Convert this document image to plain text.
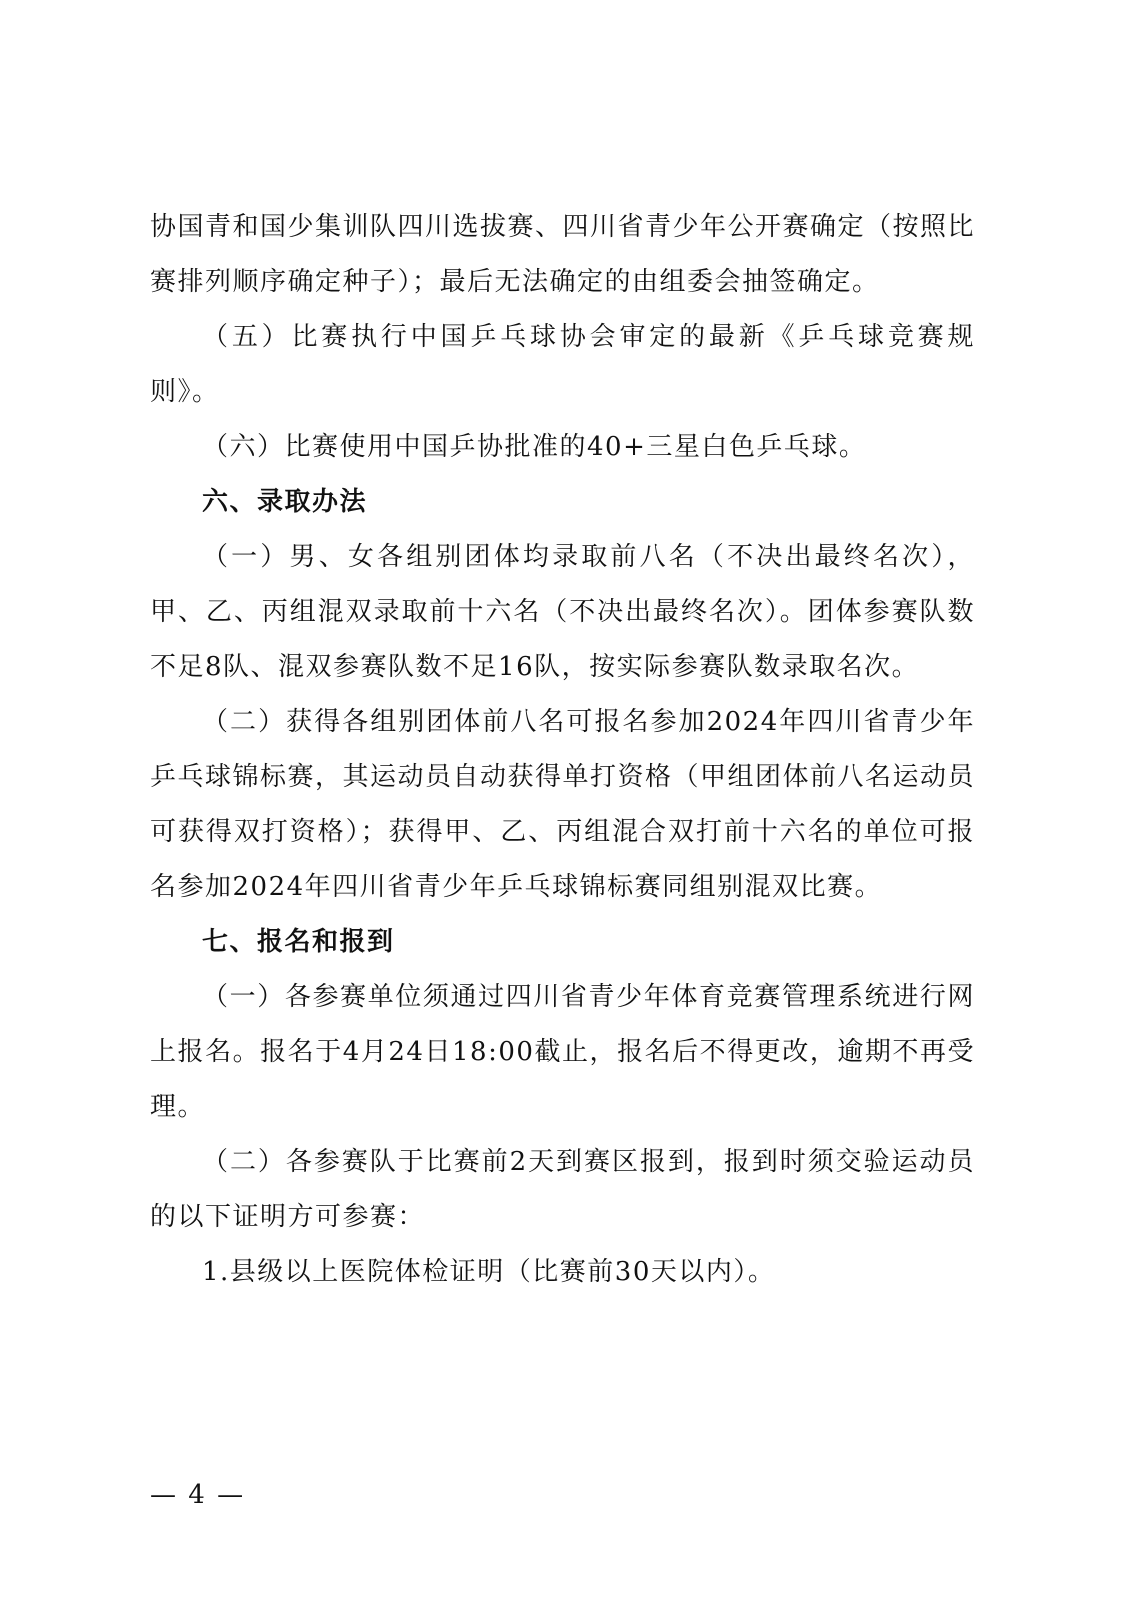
协国青和国少集训队四川选拔赛、四川省青少年公开赛确定（按照比赛排列顺序确定种子）；最后无法确定的由组委会抽签确定。

（五）比赛执行中国乒乓球协会审定的最新《乒乓球竞赛规则》。

（六）比赛使用中国乒协批准的40+三星白色乒乓球。

六、录取办法

（一）男、女各组别团体均录取前八名（不决出最终名次），甲、乙、丙组混双录取前十六名（不决出最终名次）。团体参赛队数不足8队、混双参赛队数不足16队，按实际参赛队数录取名次。

（二）获得各组别团体前八名可报名参加2024年四川省青少年乒乓球锦标赛，其运动员自动获得单打资格（甲组团体前八名运动员可获得双打资格）；获得甲、乙、丙组混合双打前十六名的单位可报名参加2024年四川省青少年乒乓球锦标赛同组别混双比赛。

七、报名和报到

（一）各参赛单位须通过四川省青少年体育竞赛管理系统进行网上报名。报名于4月24日18:00截止，报名后不得更改，逾期不再受理。

（二）各参赛队于比赛前2天到赛区报到，报到时须交验运动员的以下证明方可参赛：

1.县级以上医院体检证明（比赛前30天以内）。

— 4 —
